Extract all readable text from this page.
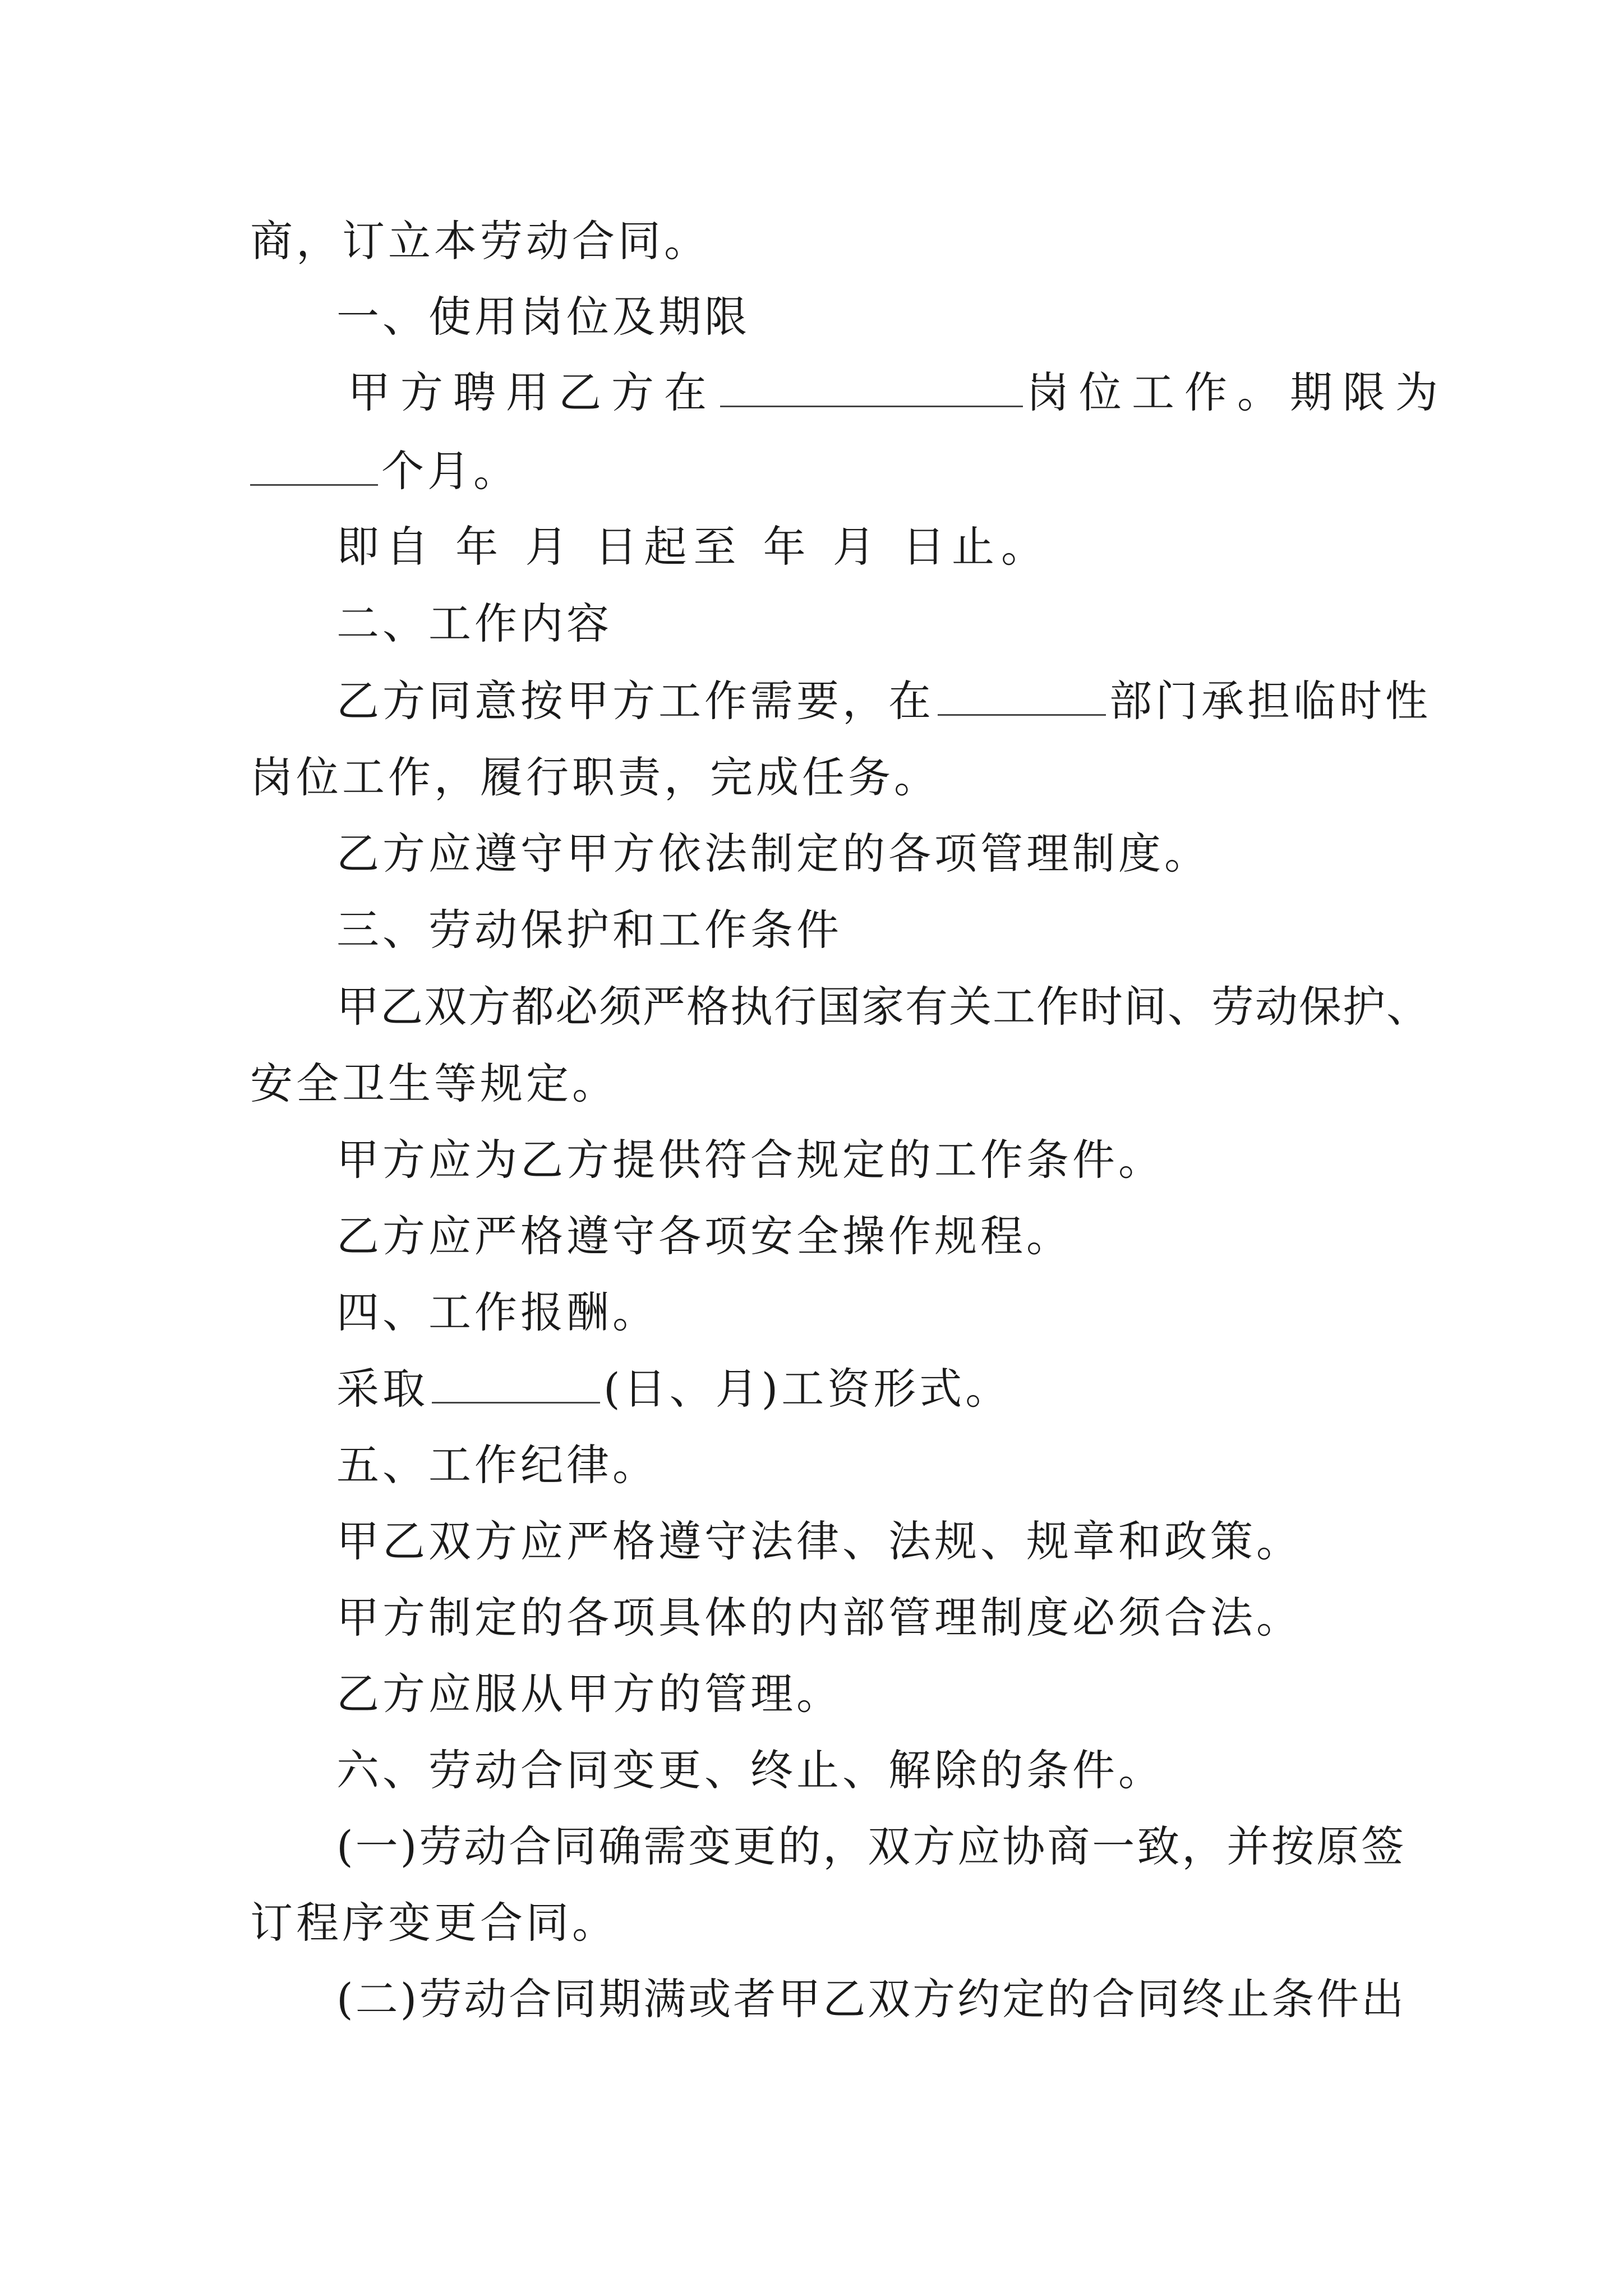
商，订立本劳动合同。
一、使用岗位及期限
甲方聘用乙方在	岗位工作。期限为
个月。
即自 年 月 日起至 年 月 日止。
二、工作内容
乙方同意按甲方工作需要，在	部门承担临时性
岗位工作，履行职责，完成任务。
乙方应遵守甲方依法制定的各项管理制度。
三、劳动保护和工作条件
甲乙双方都必须严格执行国家有关工作时间、劳动保护、
安全卫生等规定。
甲方应为乙方提供符合规定的工作条件。
乙方应严格遵守各项安全操作规程。
四、工作报酬。
采取	(日、月)工资形式。
五、工作纪律。
甲乙双方应严格遵守法律、法规、规章和政策。
甲方制定的各项具体的内部管理制度必须合法。
乙方应服从甲方的管理。
六、劳动合同变更、终止、解除的条件。
(一)劳动合同确需变更的，双方应协商一致，并按原签
订程序变更合同。
(二)劳动合同期满或者甲乙双方约定的合同终止条件出
